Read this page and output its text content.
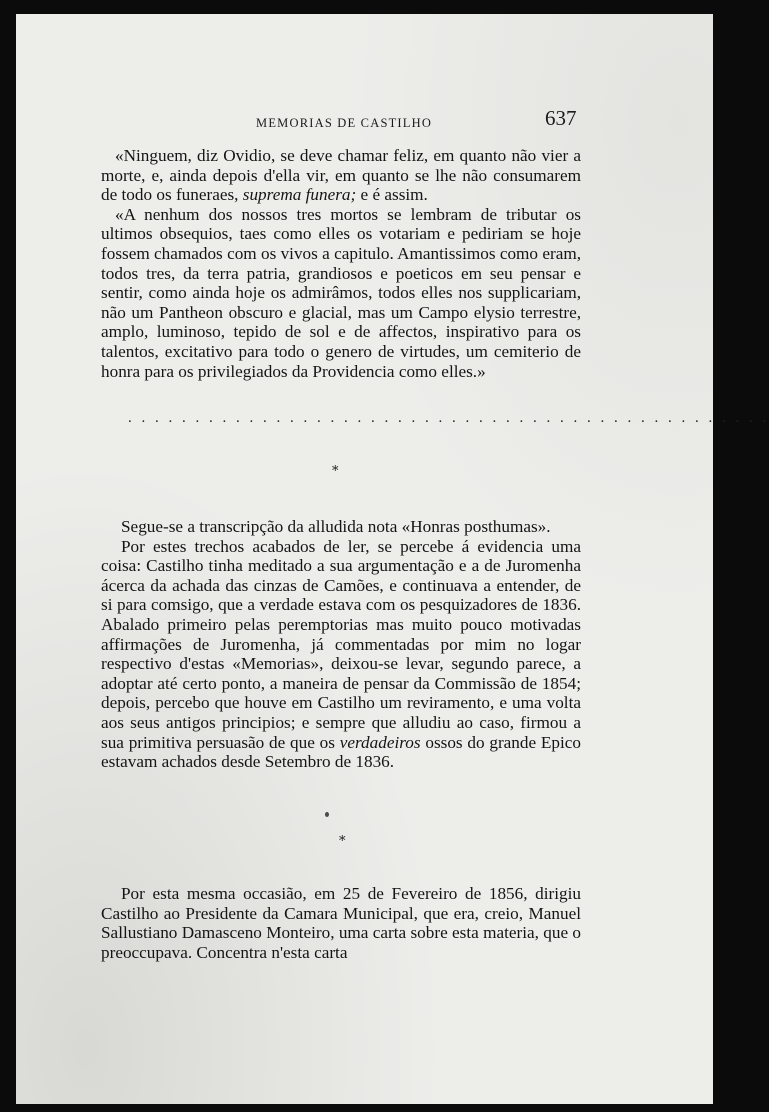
MEMORIAS DE CASTILHO	637

«Ninguem, diz Ovidio, se deve chamar feliz, em quanto não vier a morte, e, ainda depois d'ella vir, em quanto se lhe não consumarem de todo os funeraes, suprema funera; e é assim.

«A nenhum dos nossos tres mortos se lembram de tributar os ultimos obsequios, taes como elles os votariam e pediriam se hoje fossem chamados com os vivos a capitulo. Amantissimos como eram, todos tres, da terra patria, grandiosos e poeticos em seu pensar e sentir, como ainda hoje os admirâmos, todos elles nos supplicariam, não um Pantheon obscuro e glacial, mas um Campo elysio terrestre, amplo, luminoso, tepido de sol e de affectos, inspirativo para os talentos, excitativo para todo o genero de virtudes, um cemiterio de honra para os privilegiados da Providencia como elles.»

. . . . . . . . . . . . . . . . . . . . . . . . . . . . . . . . . . . . . . . . . . . . . . . .
*

Segue-se a transcripção da alludida nota «Honras posthumas».

Por estes trechos acabados de ler, se percebe á evidencia uma coisa: Castilho tinha meditado a sua argumentação e a de Juromenha ácerca da achada das cinzas de Camões, e continuava a entender, de si para comsigo, que a verdade estava com os pesquizadores de 1836. Abalado primeiro pelas peremptorias mas muito pouco motivadas affirmações de Juromenha, já commentadas por mim no logar respectivo d'estas «Memorias», deixou-se levar, segundo parece, a adoptar até certo ponto, a maneira de pensar da Commissão de 1854; depois, percebo que houve em Castilho um reviramento, e uma volta aos seus antigos principios; e sempre que alludiu ao caso, firmou a sua primitiva persuasão de que os verdadeiros ossos do grande Epico estavam achados desde Setembro de 1836.

*

Por esta mesma occasião, em 25 de Fevereiro de 1856, dirigiu Castilho ao Presidente da Camara Municipal, que era, creio, Manuel Sallustiano Damasceno Monteiro, uma carta sobre esta materia, que o preoccupava. Concentra n'esta carta
